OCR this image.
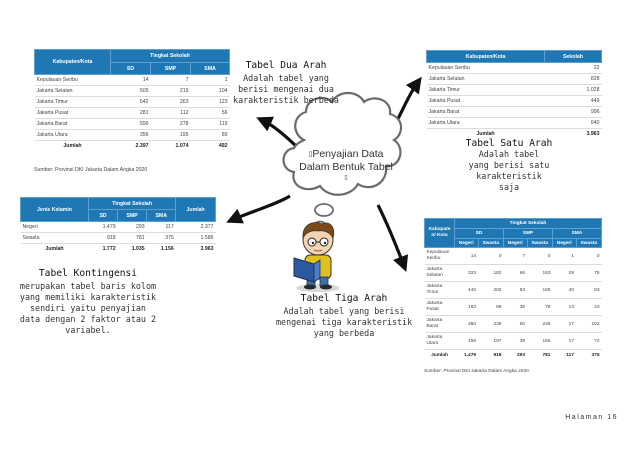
Kabupaten/Kota	Tingkat Sekolah		
	SD	SMP	SMA
Kepulauan Seribu	14	7	1
Jakarta Selatan	505	219	104
Jakarta Timur	642	263	123
Jakarta Pusat	281	112	56
Jakarta Barat	599	278	119
Jakarta Utara	356	195	89
Jumlah	2.397	1.074	492
Sumber: Provinsi DKI Jakarta Dalam Angka 2020
Kabupaten/Kota	Sekolah
Kepulauan Seribu	22
Jakarta Selatan	828
Jakarta Timur	1.028
Jakarta Pusat	449
Jakarta Barat	996
Jakarta Utara	640
Jumlah	3.963
Jenis Kelamin	Tingkat Sekolah			Jumlah
	SD	SMP	SMA	
Negeri	1.479	293	117	2.377
Swasta	918	781	375	1.586
Jumlah	1.772	1.035	1.156	3.963
Kabupate
n/ Kota	Tingkat Sekolah					
	SD		SMP		SMA	
	Negeri	Swasta	Negeri	Swasta	Negeri	Swasta
Kepulauan
Seribu	14	0	7	0	1	0
Jakarta
Selatan	323	182	66	153	29	75
Jakarta
Timur	440	202	93	169	40	83
Jakarta
Pusat	183	98	36	76	13	43
Jakarta
Barat	360	239	50	228	17	102
Jakarta
Utara	159	197	39	156	17	72
Jumlah	1.479	918	293	781	117	375
Sumber: Provinsi DKI Jakarta Dalam Angka 2020
▯Penyajian Data
Dalam Bentuk Tabel
▯
Tabel Dua Arah
Adalah tabel yang
berisi mengenai dua
karakteristik berbeda
Tabel Satu Arah
Adalah tabel
yang berisi satu
karakteristik
saja
Tabel Kontingensi
merupakan tabel baris kolom
yang memiliki karakteristik
sendiri yaitu penyajian
data dengan 2 faktor atau 2
variabel.
Tabel Tiga Arah
Adalah tabel yang berisi
mengenai tiga karakteristik
yang berbeda
Halaman 16
